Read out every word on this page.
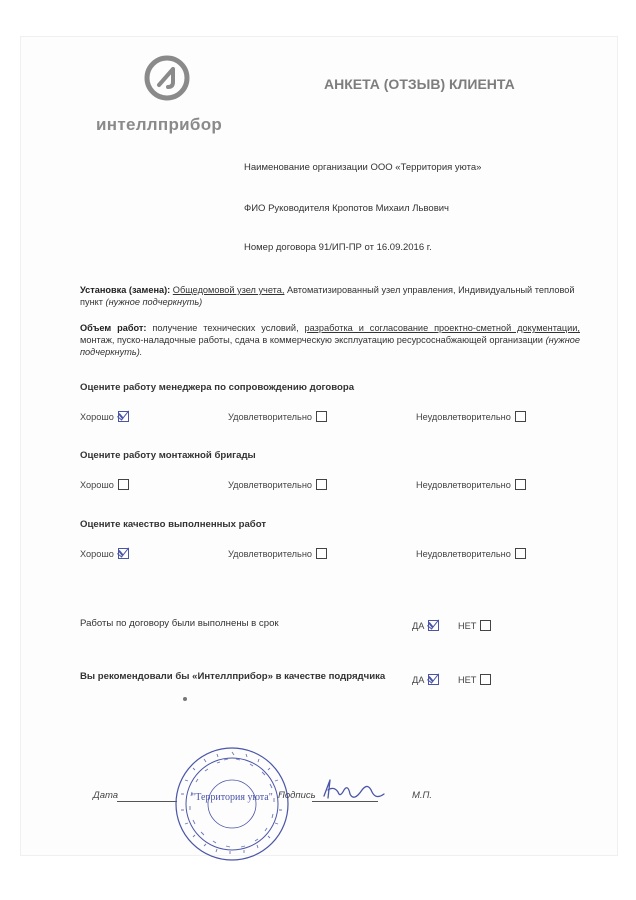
интеллприбор
АНКЕТА (ОТЗЫВ) КЛИЕНТА
Наименование организации ООО «Территория уюта»
ФИО Руководителя Кропотов Михаил Львович
Номер договора 91/ИП-ПР от 16.09.2016 г.
Установка (замена): Общедомовой узел учета, Автоматизированный узел управления, Индивидуальный тепловой пункт (нужное подчеркнуть)
Объем работ: получение технических условий, разработка и согласование проектно-сметной документации, монтаж, пуско-наладочные работы, сдача в коммерческую эксплуатацию ресурсоснабжающей организации (нужное подчеркнуть).
Оцените работу менеджера по сопровождению договора
Хорошо	Удовлетворительно	Неудовлетворительно
Оцените работу монтажной бригады
Хорошо	Удовлетворительно	Неудовлетворительно
Оцените качество выполненных работ
Хорошо	Удовлетворительно	Неудовлетворительно
Работы по договору были выполнены в срок	ДА	НЕТ
Вы рекомендовали бы «Интеллприбор» в качестве подрядчика	ДА	НЕТ
Дата	"Территория уюта" Подпись	М.П.
